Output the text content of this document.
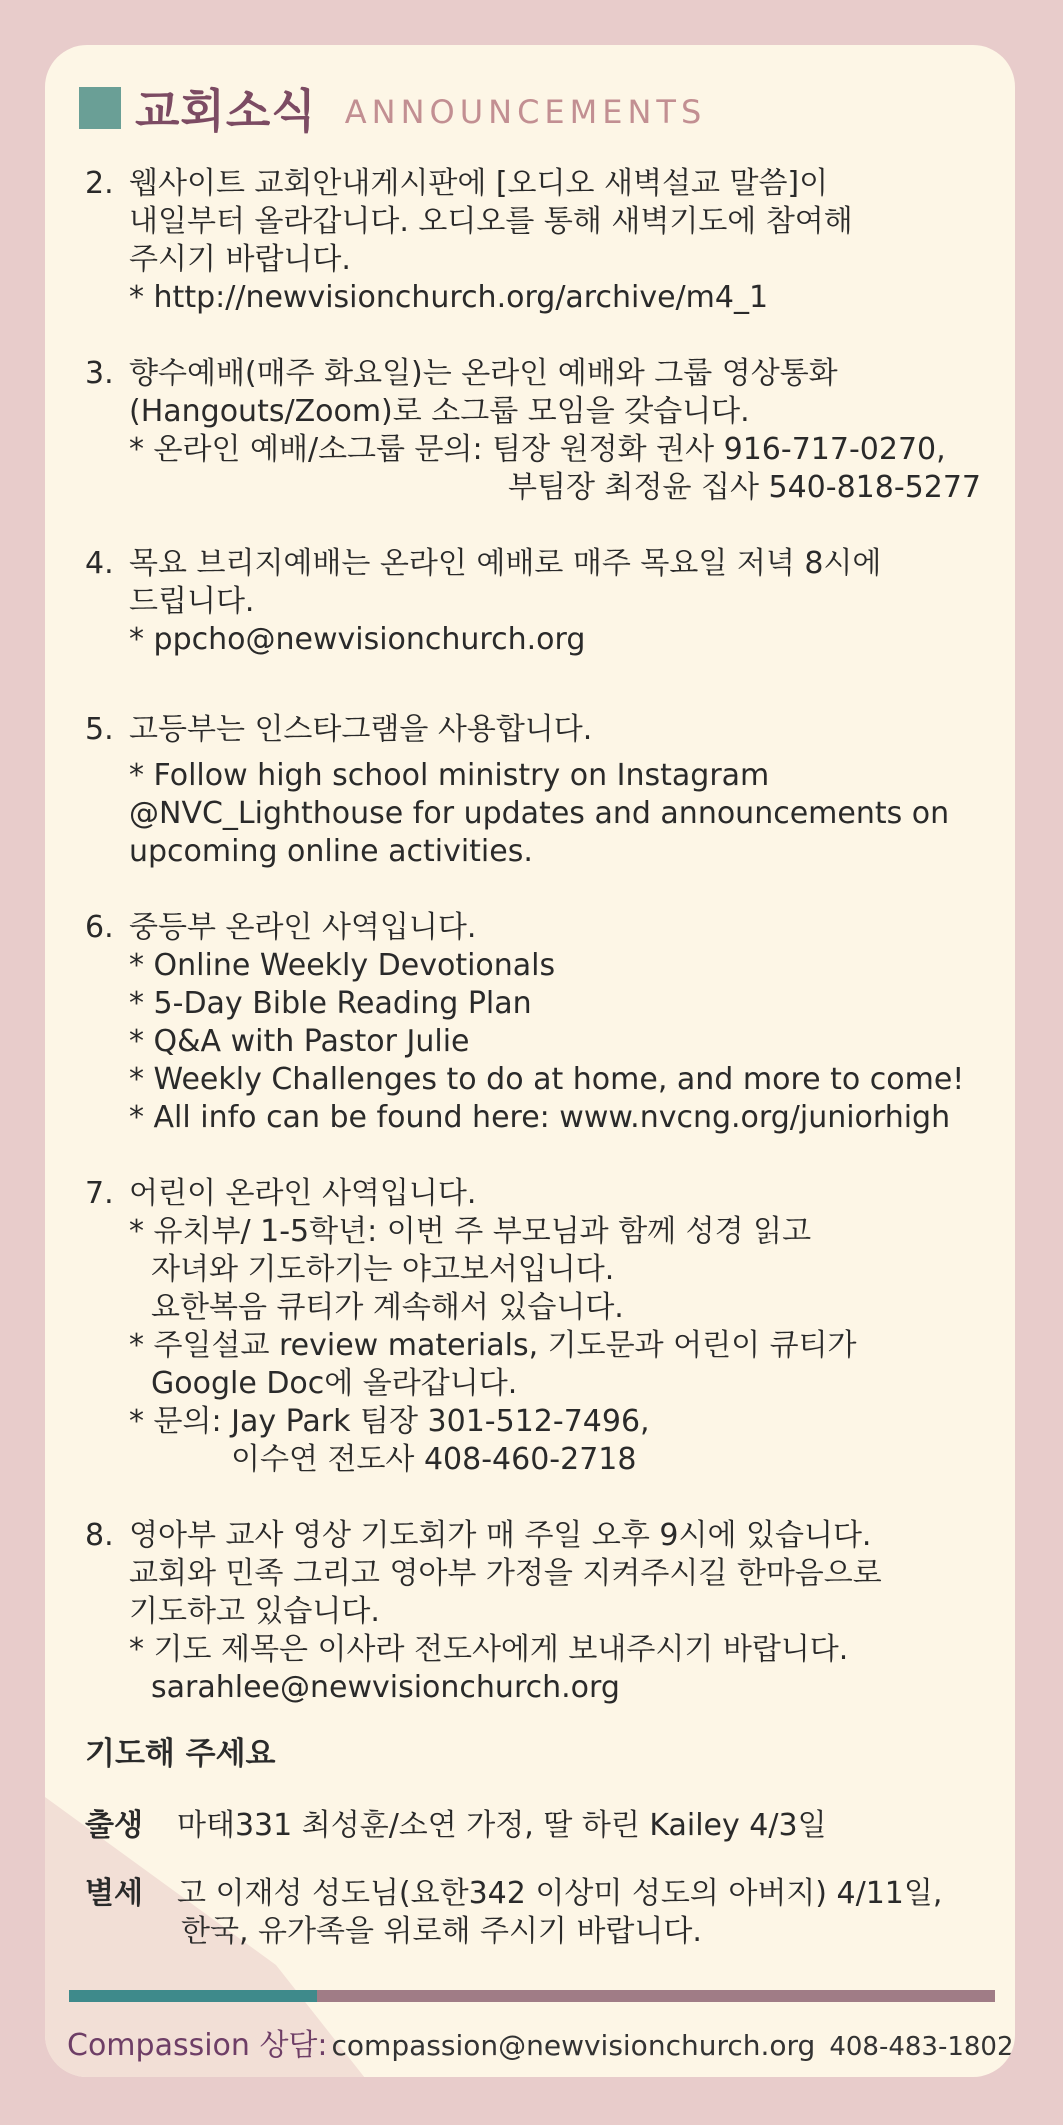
교회소식 ANNOUNCEMENTS
2. 웹사이트 교회안내게시판에 [오디오 새벽설교 말씀]이
내일부터 올라갑니다. 오디오를 통해 새벽기도에 참여해
주시기 바랍니다.
* http://newvisionchurch.org/archive/m4_1
3. 향수예배(매주 화요일)는 온라인 예배와 그룹 영상통화
(Hangouts/Zoom)로 소그룹 모임을 갖습니다.
* 온라인 예배/소그룹 문의: 팀장 원정화 권사 916-717-0270,
부팀장 최정윤 집사 540-818-5277
4. 목요 브리지예배는 온라인 예배로 매주 목요일 저녁 8시에
드립니다.
* ppcho@newvisionchurch.org
5. 고등부는 인스타그램을 사용합니다.
* Follow high school ministry on Instagram
@NVC_Lighthouse for updates and announcements on
upcoming online activities.
6. 중등부 온라인 사역입니다.
* Online Weekly Devotionals
* 5-Day Bible Reading Plan
* Q&A with Pastor Julie
* Weekly Challenges to do at home, and more to come!
* All info can be found here: www.nvcng.org/juniorhigh
7. 어린이 온라인 사역입니다.
* 유치부/ 1-5학년: 이번 주 부모님과 함께 성경 읽고
자녀와 기도하기는 야고보서입니다.
요한복음 큐티가 계속해서 있습니다.
* 주일설교 review materials, 기도문과 어린이 큐티가
Google Doc에 올라갑니다.
* 문의: Jay Park 팀장 301-512-7496,
이수연 전도사 408-460-2718
8. 영아부 교사 영상 기도회가 매 주일 오후 9시에 있습니다.
교회와 민족 그리고 영아부 가정을 지켜주시길 한마음으로
기도하고 있습니다.
* 기도 제목은 이사라 전도사에게 보내주시기 바랍니다.
sarahlee@newvisionchurch.org
기도해 주세요
출생	마태331 최성훈/소연 가정, 딸 하린 Kailey 4/3일
별세	고 이재성 성도님(요한342 이상미 성도의 아버지) 4/11일,
한국, 유가족을 위로해 주시기 바랍니다.
Compassion 상담: compassion@newvisionchurch.org 408-483-1802
